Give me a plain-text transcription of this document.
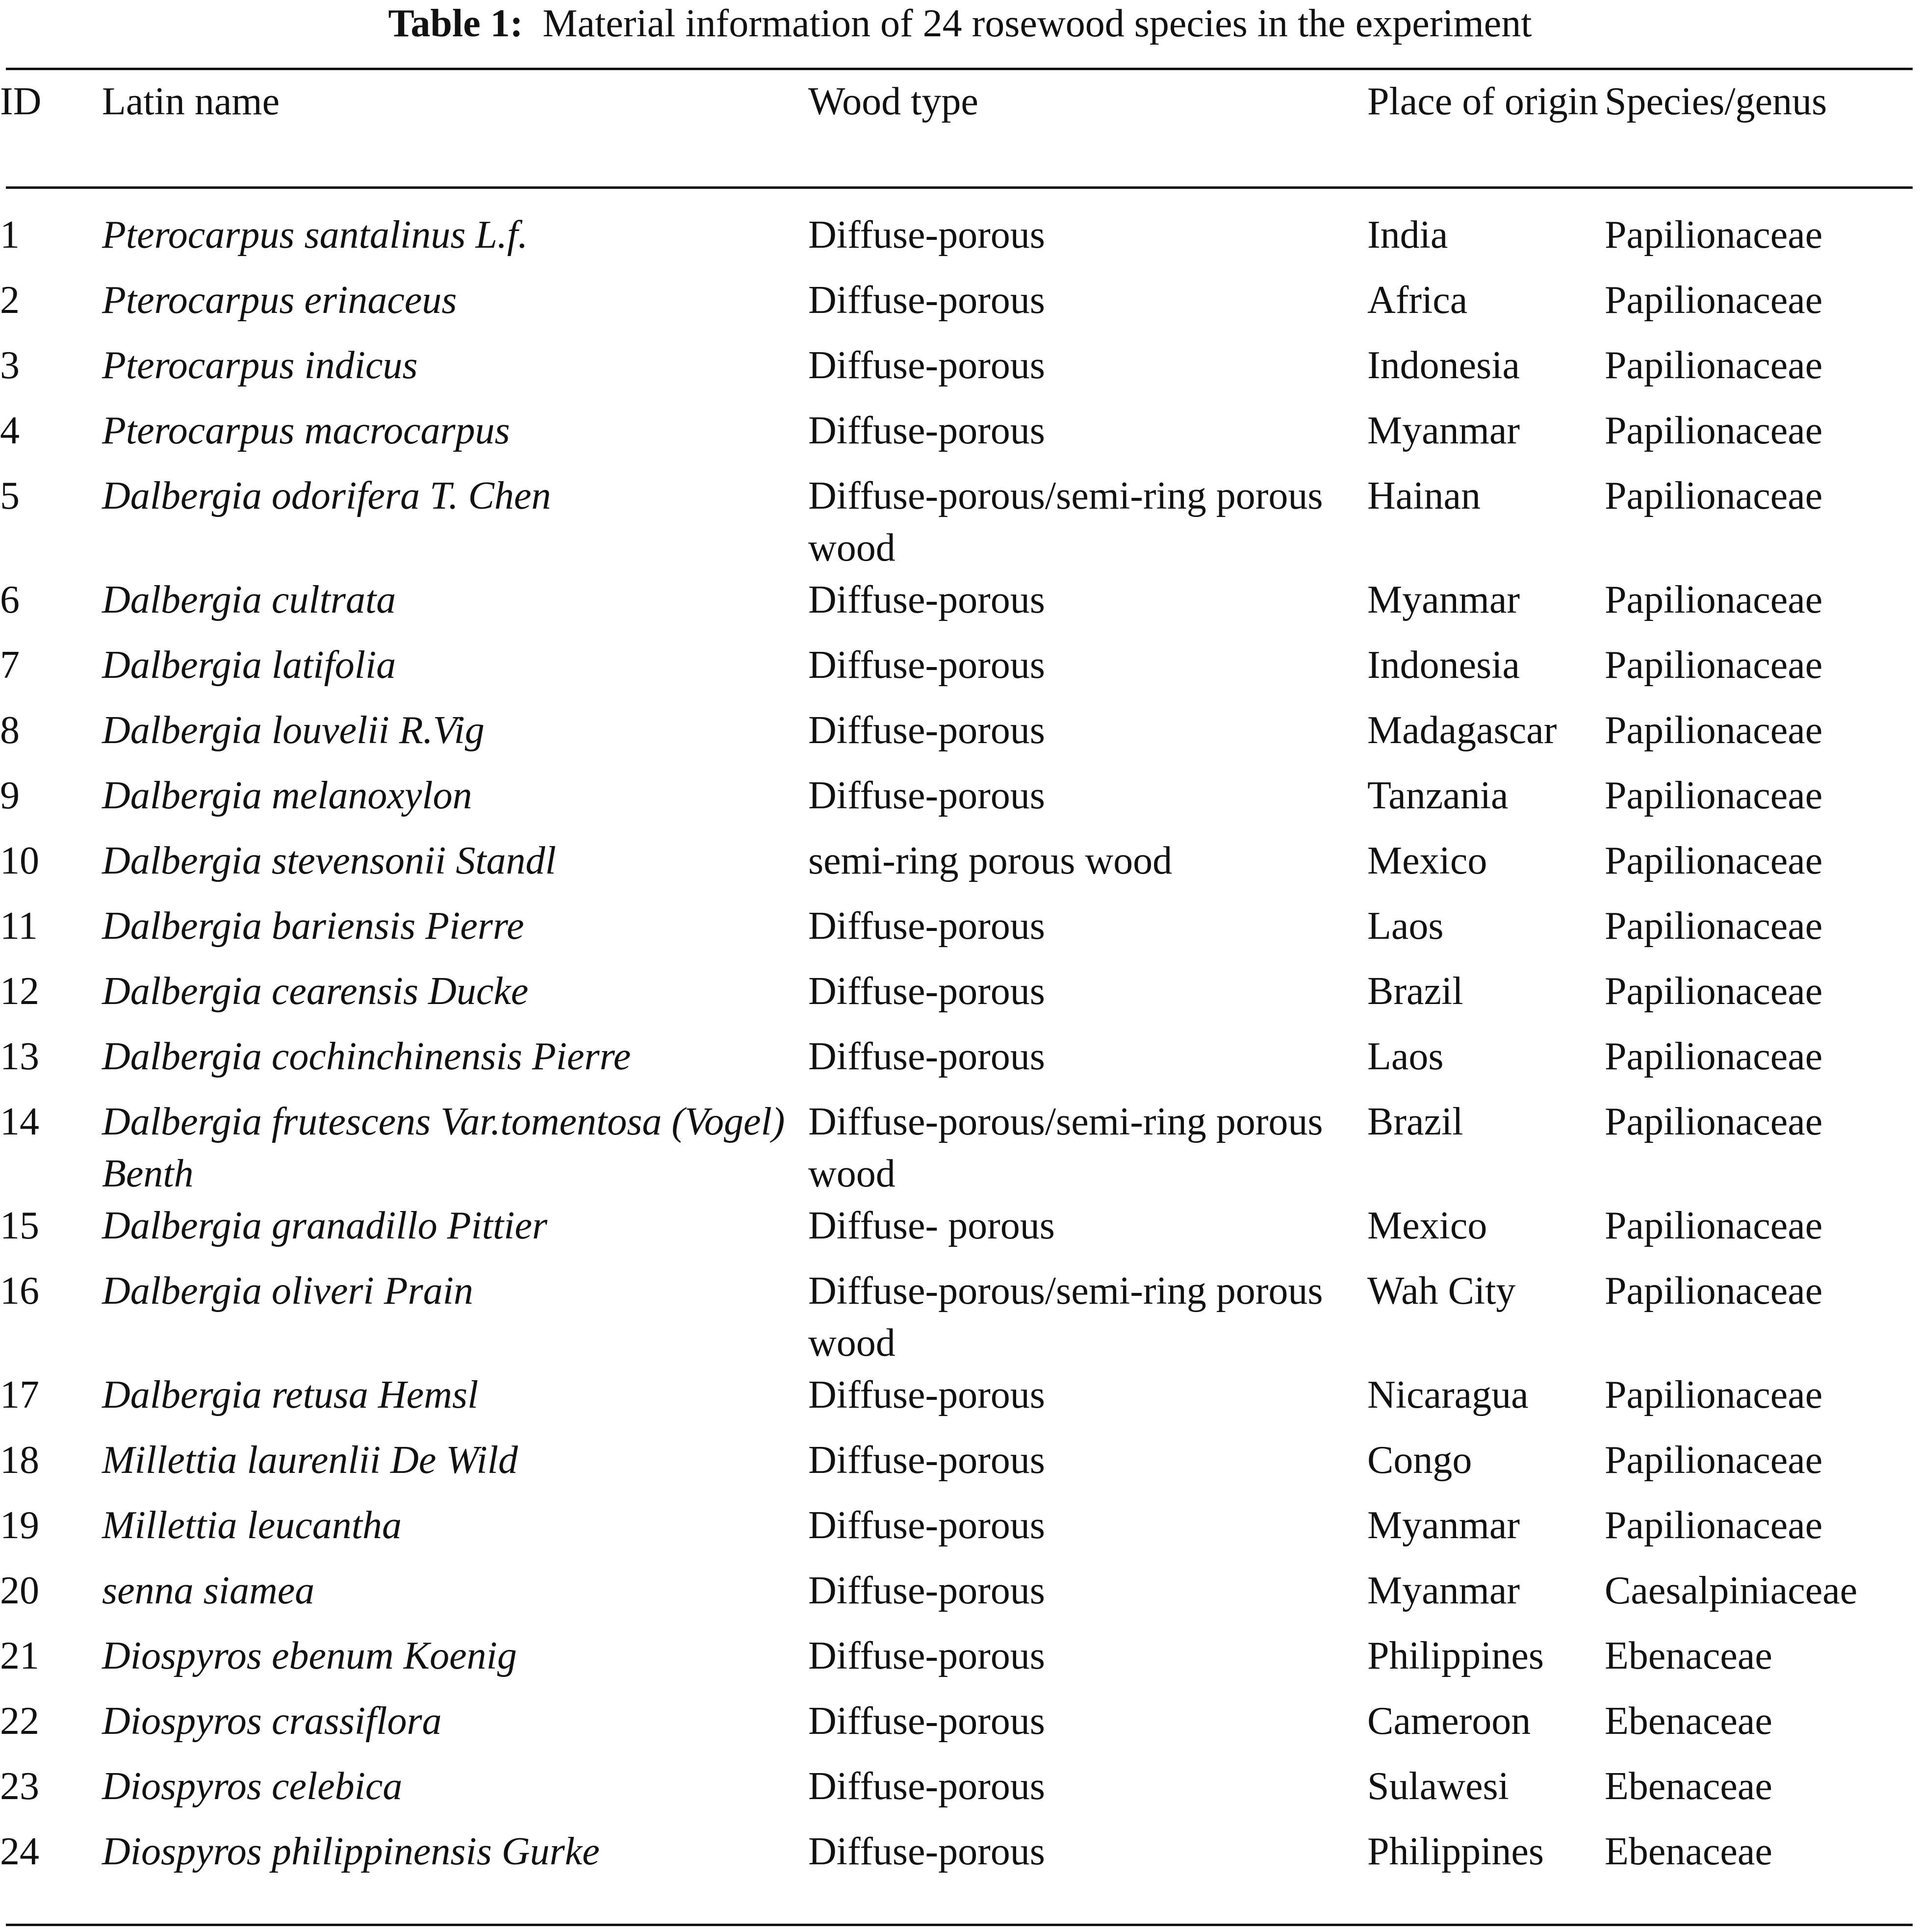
Table 1: Material information of 24 rosewood species in the experiment
ID	Latin name	Wood type	Place of origin	Species/genus
1	Pterocarpus santalinus L.f.	Diffuse-porous	India	Papilionaceae
2	Pterocarpus erinaceus	Diffuse-porous	Africa	Papilionaceae
3	Pterocarpus indicus	Diffuse-porous	Indonesia	Papilionaceae
4	Pterocarpus macrocarpus	Diffuse-porous	Myanmar	Papilionaceae
5	Dalbergia odorifera T. Chen	Diffuse-porous/semi-ring porous wood	Hainan	Papilionaceae
6	Dalbergia cultrata	Diffuse-porous	Myanmar	Papilionaceae
7	Dalbergia latifolia	Diffuse-porous	Indonesia	Papilionaceae
8	Dalbergia louvelii R.Vig	Diffuse-porous	Madagascar	Papilionaceae
9	Dalbergia melanoxylon	Diffuse-porous	Tanzania	Papilionaceae
10	Dalbergia stevensonii Standl	semi-ring porous wood	Mexico	Papilionaceae
11	Dalbergia bariensis Pierre	Diffuse-porous	Laos	Papilionaceae
12	Dalbergia cearensis Ducke	Diffuse-porous	Brazil	Papilionaceae
13	Dalbergia cochinchinensis Pierre	Diffuse-porous	Laos	Papilionaceae
14	Dalbergia frutescens Var.tomentosa (Vogel) Benth	Diffuse-porous/semi-ring porous wood	Brazil	Papilionaceae
15	Dalbergia granadillo Pittier	Diffuse- porous	Mexico	Papilionaceae
16	Dalbergia oliveri Prain	Diffuse-porous/semi-ring porous wood	Wah City	Papilionaceae
17	Dalbergia retusa Hemsl	Diffuse-porous	Nicaragua	Papilionaceae
18	Millettia laurenlii De Wild	Diffuse-porous	Congo	Papilionaceae
19	Millettia leucantha	Diffuse-porous	Myanmar	Papilionaceae
20	senna siamea	Diffuse-porous	Myanmar	Caesalpiniaceae
21	Diospyros ebenum Koenig	Diffuse-porous	Philippines	Ebenaceae
22	Diospyros crassiflora	Diffuse-porous	Cameroon	Ebenaceae
23	Diospyros celebica	Diffuse-porous	Sulawesi	Ebenaceae
24	Diospyros philippinensis Gurke	Diffuse-porous	Philippines	Ebenaceae
